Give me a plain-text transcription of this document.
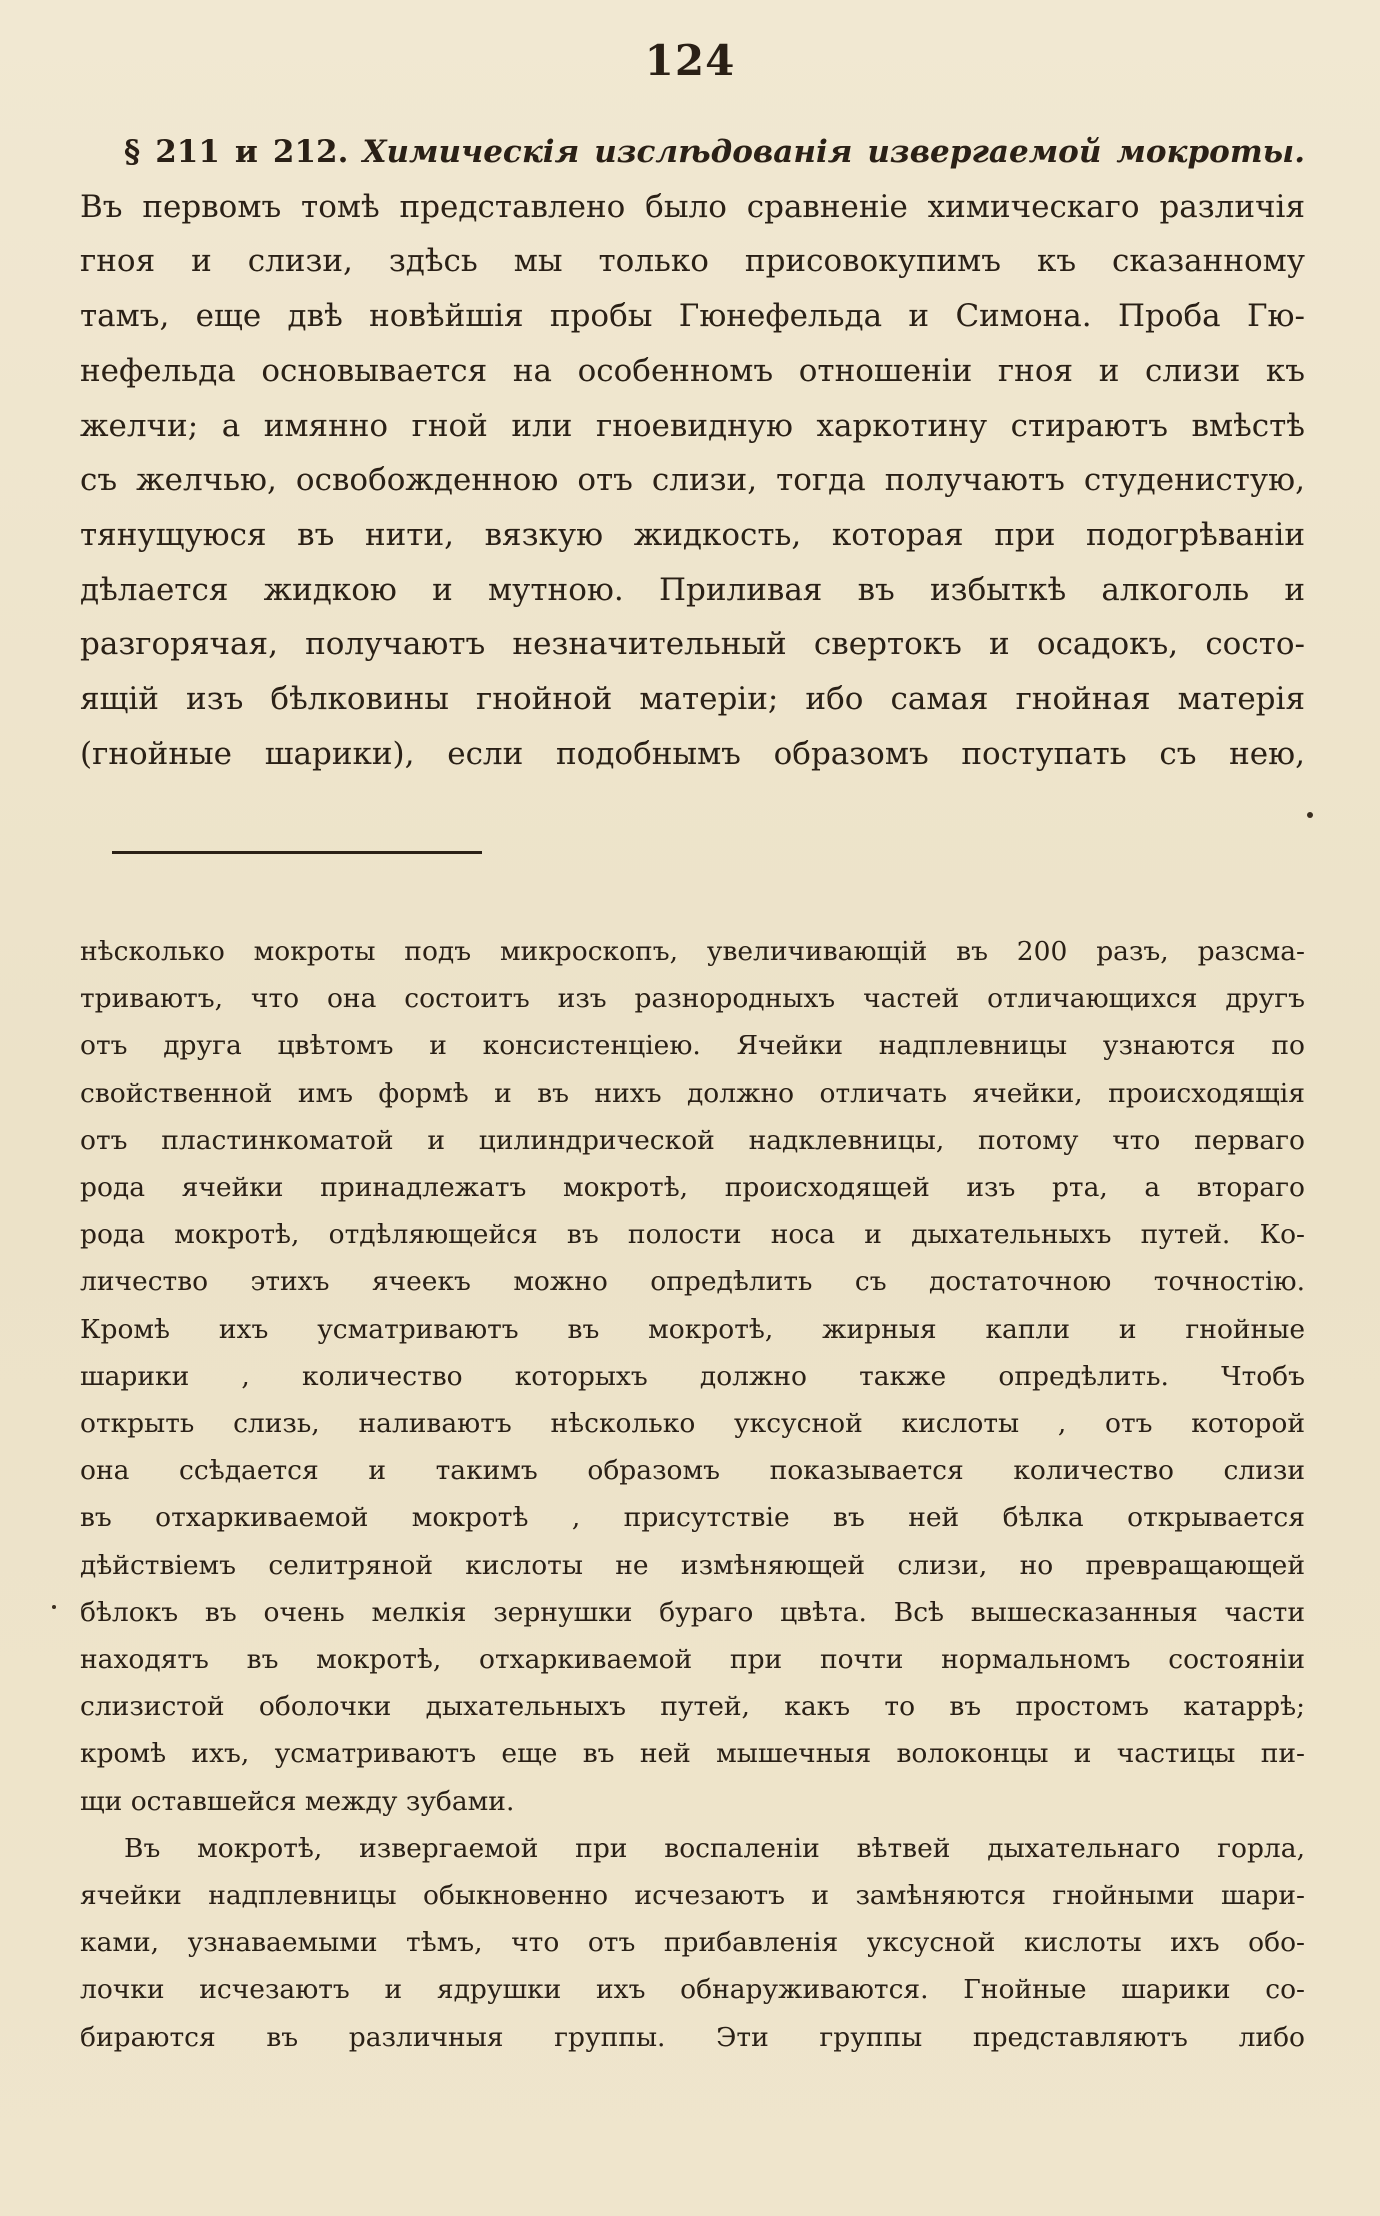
124
§ 211 и 212. Химическія изслѣдованія извергаемой мокроты.
Въ первомъ томѣ представлено было сравненіе химическаго различія
гноя и слизи, здѣсь мы только присовокупимъ къ сказанному
тамъ, еще двѣ новѣйшія пробы Гюнефельда и Симона. Проба Гю-
нефельда основывается на особенномъ отношеніи гноя и слизи къ
желчи; а имянно гной или гноевидную харкотину стираютъ вмѣстѣ
съ желчью, освобожденною отъ слизи, тогда получаютъ студенистую,
тянущуюся въ нити, вязкую жидкость, которая при подогрѣваніи
дѣлается жидкою и мутною. Приливая въ избыткѣ алкоголь и
разгорячая, получаютъ незначительный свертокъ и осадокъ, состо-
ящій изъ бѣлковины гнойной матеріи; ибо самая гнойная матерія
(гнойные шарики), если подобнымъ образомъ поступать съ нею,
нѣсколько мокроты подъ микроскопъ, увеличивающій въ 200 разъ, разсма-
триваютъ, что она состоитъ изъ разнородныхъ частей отличающихся другъ
отъ друга цвѣтомъ и консистенціею. Ячейки надплевницы узнаются по
свойственной имъ формѣ и въ нихъ должно отличать ячейки, происходящія
отъ пластинкоматой и цилиндрической надклевницы, потому что перваго
рода ячейки принадлежатъ мокротѣ, происходящей изъ рта, а втораго
рода мокротѣ, отдѣляющейся въ полости носа и дыхательныхъ путей. Ко-
личество этихъ ячеекъ можно опредѣлить съ достаточною точностію.
Кромѣ ихъ усматриваютъ въ мокротѣ, жирныя капли и гнойные
шарики , количество которыхъ должно также опредѣлить. Чтобъ
открыть слизь, наливаютъ нѣсколько уксусной кислоты , отъ которой
она ссѣдается и такимъ образомъ показывается количество слизи
въ отхаркиваемой мокротѣ , присутствіе въ ней бѣлка открывается
дѣйствіемъ селитряной кислоты не измѣняющей слизи, но превращающей
бѣлокъ въ очень мелкія зернушки бураго цвѣта. Всѣ вышесказанныя части
находятъ въ мокротѣ, отхаркиваемой при почти нормальномъ состояніи
слизистой оболочки дыхательныхъ путей, какъ то въ простомъ катаррѣ;
кромѣ ихъ, усматриваютъ еще въ ней мышечныя волоконцы и частицы пи-
щи оставшейся между зубами.
Въ мокротѣ, извергаемой при воспаленіи вѣтвей дыхательнаго горла,
ячейки надплевницы обыкновенно исчезаютъ и замѣняются гнойными шари-
ками, узнаваемыми тѣмъ, что отъ прибавленія уксусной кислоты ихъ обо-
лочки исчезаютъ и ядрушки ихъ обнаруживаются. Гнойные шарики со-
бираются въ различныя группы. Эти группы представляютъ либо
